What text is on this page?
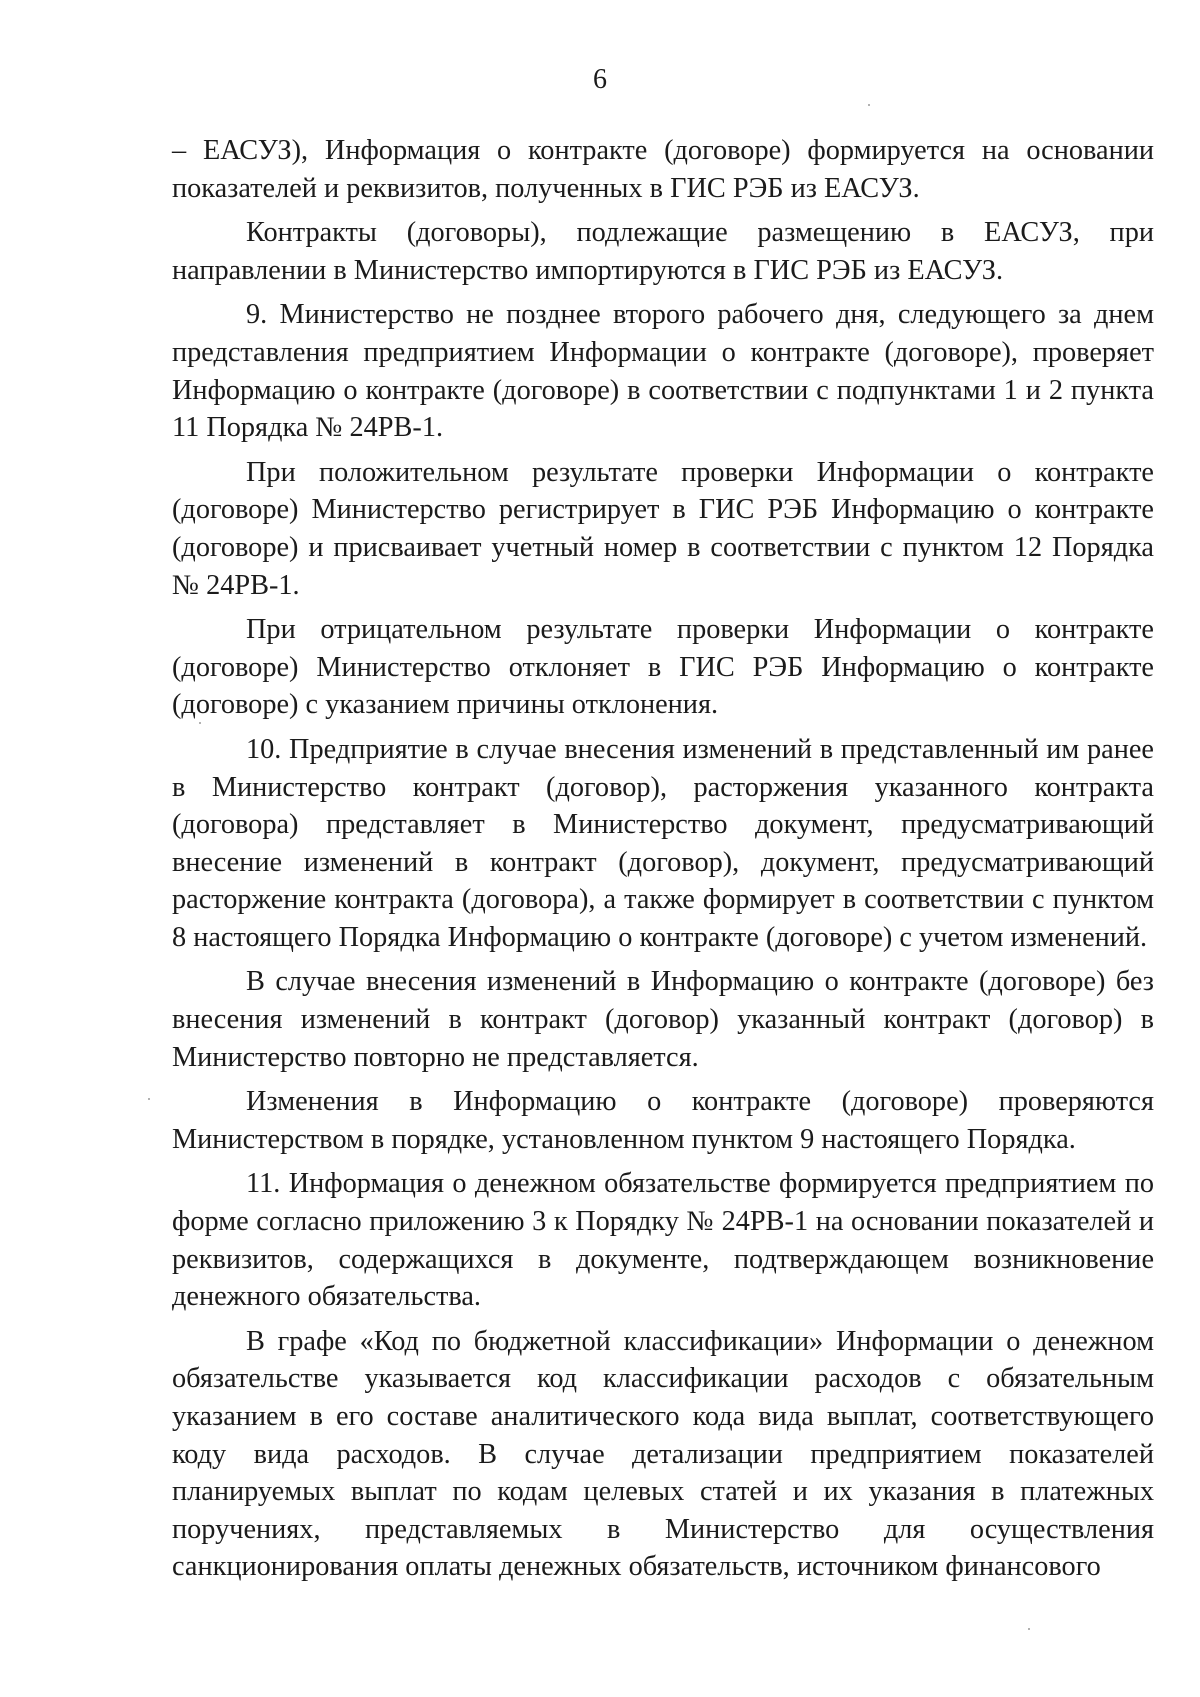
6

– ЕАСУЗ), Информация о контракте (договоре) формируется на основании показателей и реквизитов, полученных в ГИС РЭБ из ЕАСУЗ.

Контракты (договоры), подлежащие размещению в ЕАСУЗ, при направлении в Министерство импортируются в ГИС РЭБ из ЕАСУЗ.

9. Министерство не позднее второго рабочего дня, следующего за днем представления предприятием Информации о контракте (договоре), проверяет Информацию о контракте (договоре) в соответствии с подпунктами 1 и 2 пункта 11 Порядка № 24РВ-1.

При положительном результате проверки Информации о контракте (договоре) Министерство регистрирует в ГИС РЭБ Информацию о контракте (договоре) и присваивает учетный номер в соответствии с пунктом 12 Порядка № 24РВ-1.

При отрицательном результате проверки Информации о контракте (договоре) Министерство отклоняет в ГИС РЭБ Информацию о контракте (договоре) с указанием причины отклонения.

10. Предприятие в случае внесения изменений в представленный им ранее в Министерство контракт (договор), расторжения указанного контракта (договора) представляет в Министерство документ, предусматривающий внесение изменений в контракт (договор), документ, предусматривающий расторжение контракта (договора), а также формирует в соответствии с пунктом 8 настоящего Порядка Информацию о контракте (договоре) с учетом изменений.

В случае внесения изменений в Информацию о контракте (договоре) без внесения изменений в контракт (договор) указанный контракт (договор) в Министерство повторно не представляется.

Изменения в Информацию о контракте (договоре) проверяются Министерством в порядке, установленном пунктом 9 настоящего Порядка.

11. Информация о денежном обязательстве формируется предприятием по форме согласно приложению 3 к Порядку № 24РВ-1 на основании показателей и реквизитов, содержащихся в документе, подтверждающем возникновение денежного обязательства.

В графе «Код по бюджетной классификации» Информации о денежном обязательстве указывается код классификации расходов с обязательным указанием в его составе аналитического кода вида выплат, соответствующего коду вида расходов. В случае детализации предприятием показателей планируемых выплат по кодам целевых статей и их указания в платежных поручениях, представляемых в Министерство для осуществления санкционирования оплаты денежных обязательств, источником финансового
